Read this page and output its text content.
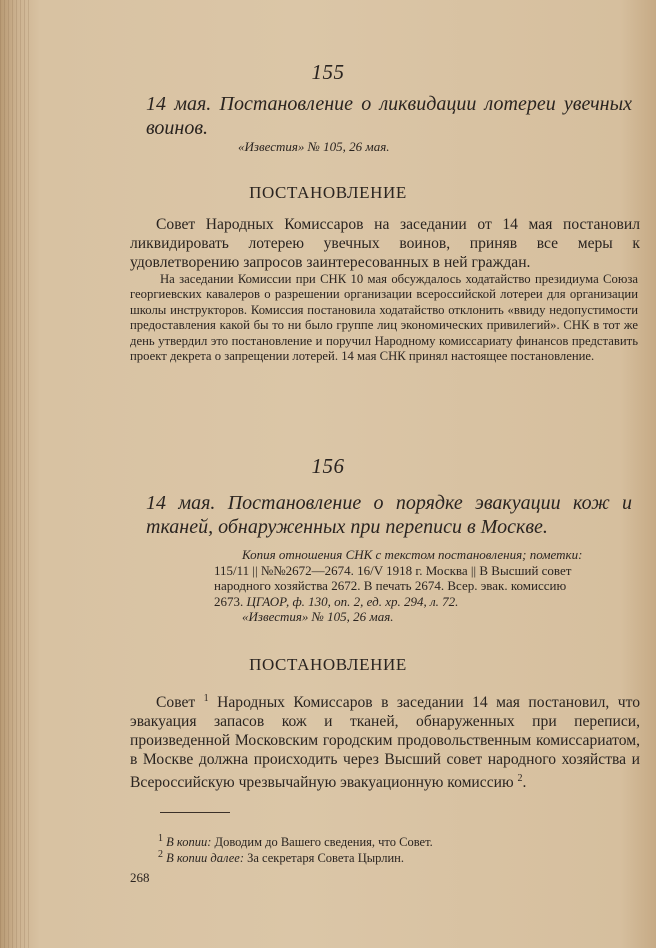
155
14 мая. Постановление о ликвидации лотереи увечных воинов.
«Известия» № 105, 26 мая.
ПОСТАНОВЛЕНИЕ
Совет Народных Комиссаров на заседании от 14 мая постановил ликвидировать лотерею увечных воинов, приняв все меры к удовлетворению запросов заинтересованных в ней граждан.
На заседании Комиссии при СНК 10 мая обсуждалось ходатайство президиума Союза георгиевских кавалеров о разрешении организации всероссийской лотереи для организации школы инструкторов. Комиссия постановила ходатайство отклонить «ввиду недопустимости предоставления какой бы то ни было группе лиц экономических привилегий». СНК в тот же день утвердил это постановление и поручил Народному комиссариату финансов представить проект декрета о запрещении лотерей. 14 мая СНК принял настоящее постановление.
156
14 мая. Постановление о порядке эвакуации кож и тканей, обнаруженных при переписи в Москве.
Копия отношения СНК с текстом постановления; пометки:
115/11 || №№2672—2674. 16/V 1918 г. Москва || В Высший совет
народного хозяйства 2672. В печать 2674. Всер. эвак. комиссию
2673. ЦГАОР, ф. 130, оп. 2, ед. хр. 294, л. 72.
«Известия» № 105, 26 мая.
ПОСТАНОВЛЕНИЕ
Совет $^1$ Народных Комиссаров в заседании 14 мая постановил, что эвакуация запасов кож и тканей, обнаруженных при переписи, произведенной Московским городским продовольственным комиссариатом, в Москве должна происходить через Высший совет народного хозяйства и Всероссийскую чрезвычайную эвакуационную комиссию $^2$.
$^1$ В копии: Доводим до Вашего сведения, что Совет.
$^2$ В копии далее: За секретаря Совета Цырлин.
268
